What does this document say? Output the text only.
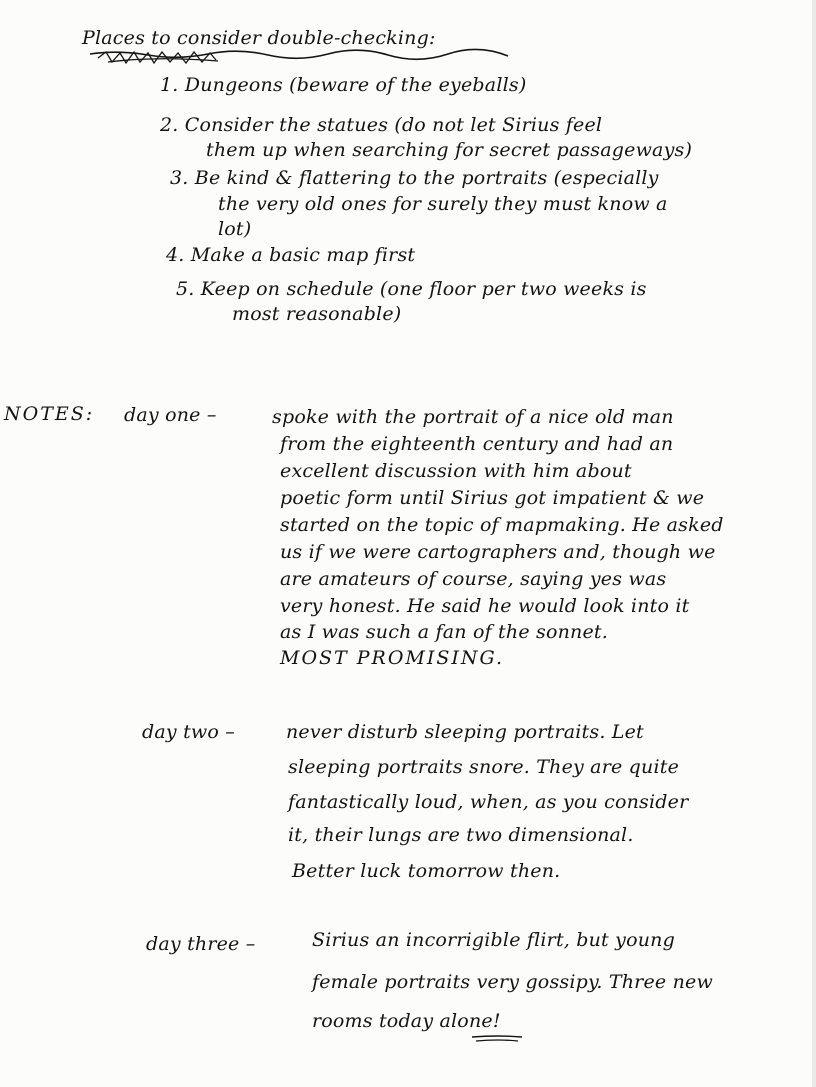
Places to consider double-checking:
1. Dungeons (beware of the eyeballs)
2. Consider the statues (do not let Sirius feel
them up when searching for secret passageways)
3. Be kind & flattering to the portraits (especially
the very old ones for surely they must know a
lot)
4. Make a basic map first
5. Keep on schedule (one floor per two weeks is
most reasonable)
NOTES: day one –	spoke with the portrait of a nice old man
from the eighteenth century and had an
excellent discussion with him about
poetic form until Sirius got impatient & we
started on the topic of mapmaking. He asked
us if we were cartographers and, though we
are amateurs of course, saying yes was
very honest. He said he would look into it
as I was such a fan of the sonnet.
MOST PROMISING.
day two –	never disturb sleeping portraits. Let
sleeping portraits snore. They are quite
fantastically loud, when, as you consider
it, their lungs are two dimensional.
Better luck tomorrow then.
day three –	Sirius an incorrigible flirt, but young
female portraits very gossipy. Three new
rooms today alone!
